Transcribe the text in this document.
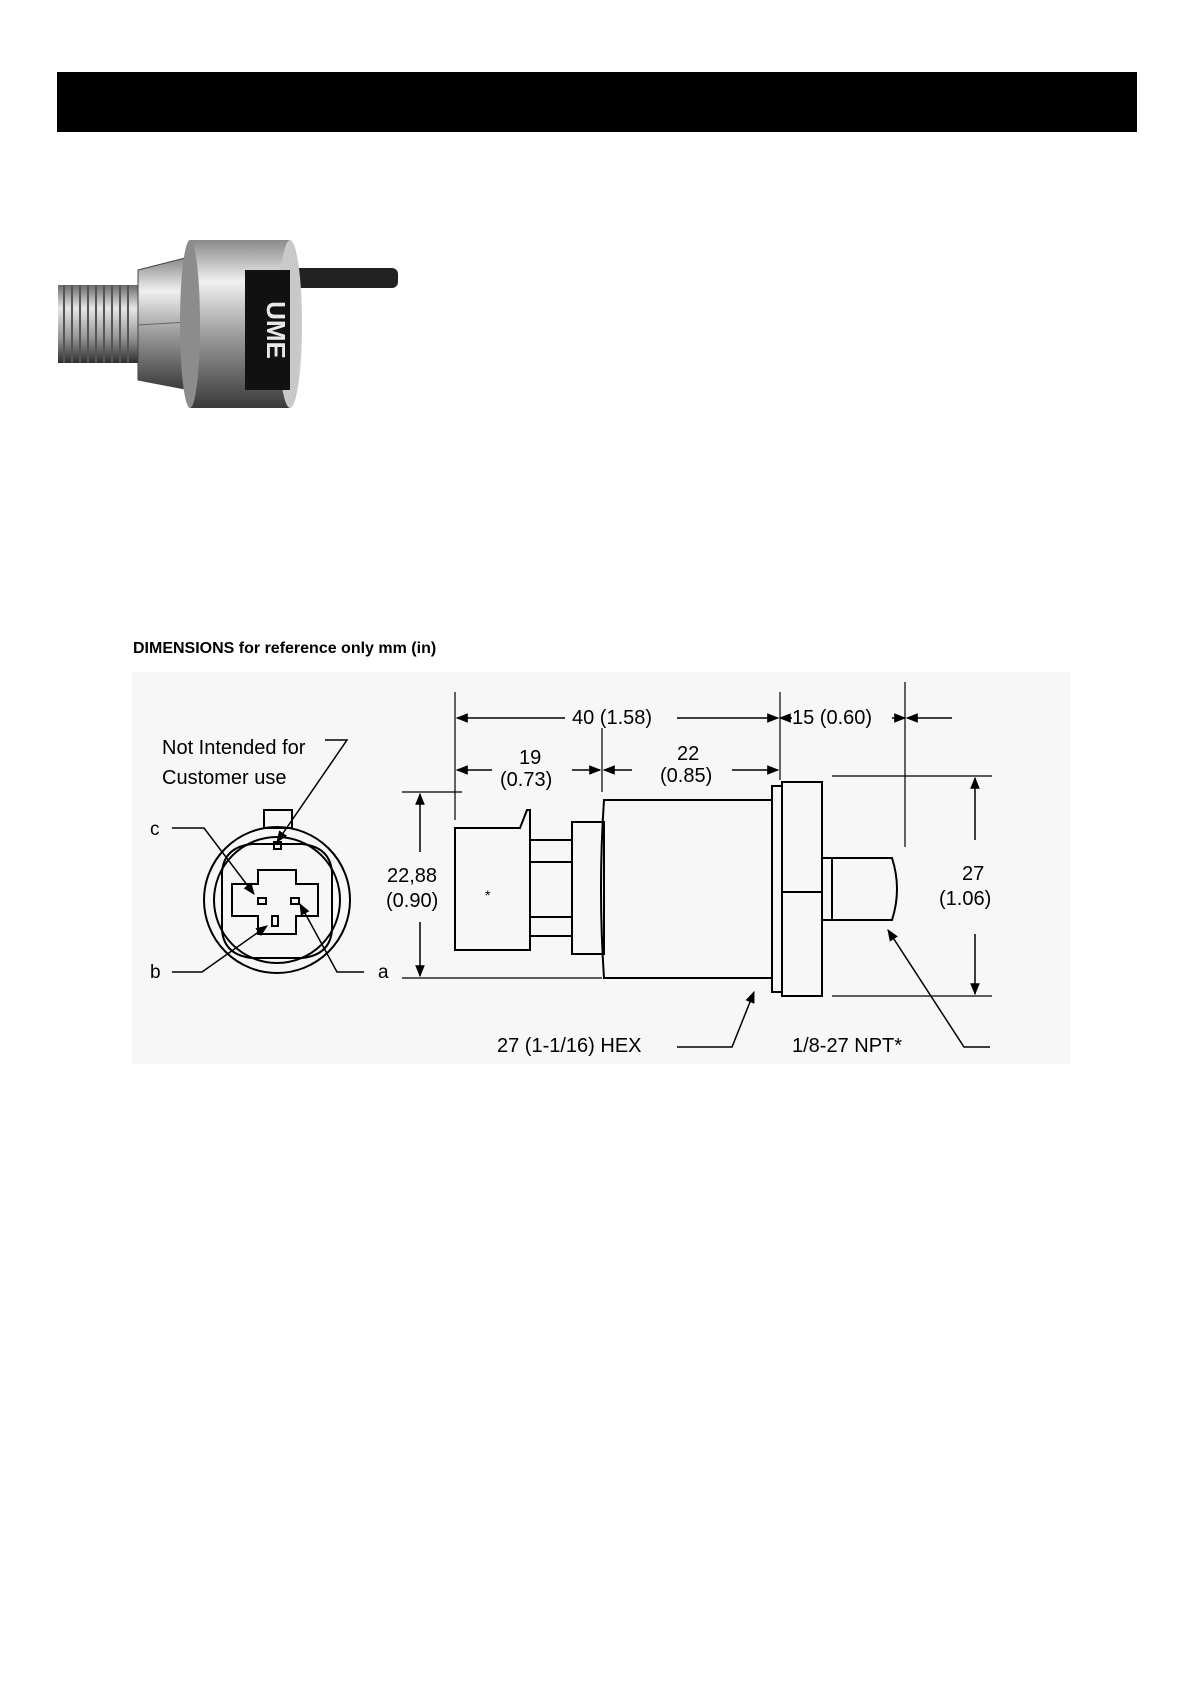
UME
DIMENSIONS for reference only mm (in)
Not Intended for
Customer use
c
b	a
*
40 (1.58)	15 (0.60)
19
(0.73)
22
(0.85)
22,88
(0.90)
27
(1.06)
27 (1-1/16) HEX	1/8-27 NPT*
